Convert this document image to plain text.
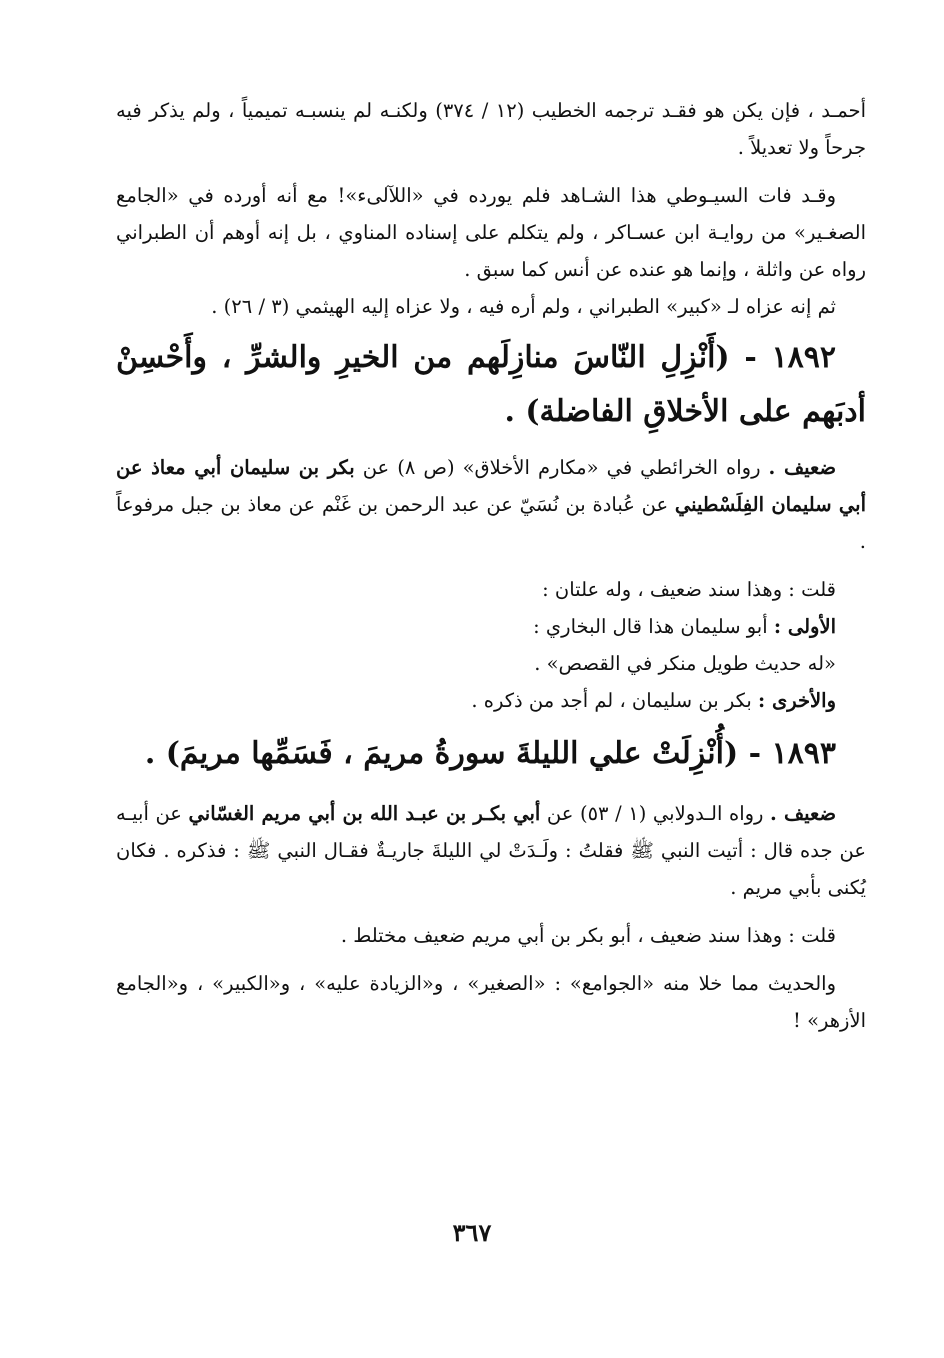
أحمـد ، فإن يكن هو فقـد ترجمه الخطيب (١٢ / ٣٧٤) ولكنـه لم ينسبـه تميمياً ، ولم يذكر فيه جرحاً ولا تعديلاً .

وقـد فات السيـوطي هذا الشـاهد فلم يورده في «اللآلىء»! مع أنه أورده في «الجامع الصغـير» من روايـة ابن عسـاكر ، ولم يتكلم على إسناده المناوي ، بل إنه أوهم أن الطبراني رواه عن واثلة ، وإنما هو عنده عن أنس كما سبق .

ثم إنه عزاه لـ «كبير» الطبراني ، ولم أره فيه ، ولا عزاه إليه الهيثمي (٣ / ٢٦) .

١٨٩٢ - (أَنْزِلِ النّاسَ منازِلَهم من الخيرِ والشرِّ ، وأَحْسِنْ أدبَهم على الأخلاقِ الفاضلة) .

ضعيف . رواه الخرائطي في «مكارم الأخلاق» (ص ٨) عن بكر بن سليمان أبي معاذ عن أبي سليمان الفِلَسْطيني عن عُبادة بن نُسَيّ عن عبد الرحمن بن غَنْم عن معاذ بن جبل مرفوعاً .

قلت : وهذا سند ضعيف ، وله علتان :

الأولى : أبو سليمان هذا قال البخاري :

«له حديث طويل منكر في القصص» .

والأخرى : بكر بن سليمان ، لم أجد من ذكره .

١٨٩٣ - (أُنْزِلَتْ علي الليلةَ سورةُ مريمَ ، فَسَمِّها مريمَ) .

ضعيف . رواه الـدولابي (١ / ٥٣) عن أبي بكـر بن عبـد الله بن أبي مريم الغسّاني عن أبيـه عن جده قال : أتيت النبي ﷺ فقلتُ : ولَـدَتْ لي الليلةَ جاريـةٌ فقـال النبي ﷺ : فذكره . فكان يُكنى بأبي مريم .

قلت : وهذا سند ضعيف ، أبو بكر بن أبي مريم ضعيف مختلط .

والحديث مما خلا منه «الجوامع» : «الصغير» ، و«الزيادة عليه» ، و«الكبير» ، و«الجامع الأزهر» !

٣٦٧
